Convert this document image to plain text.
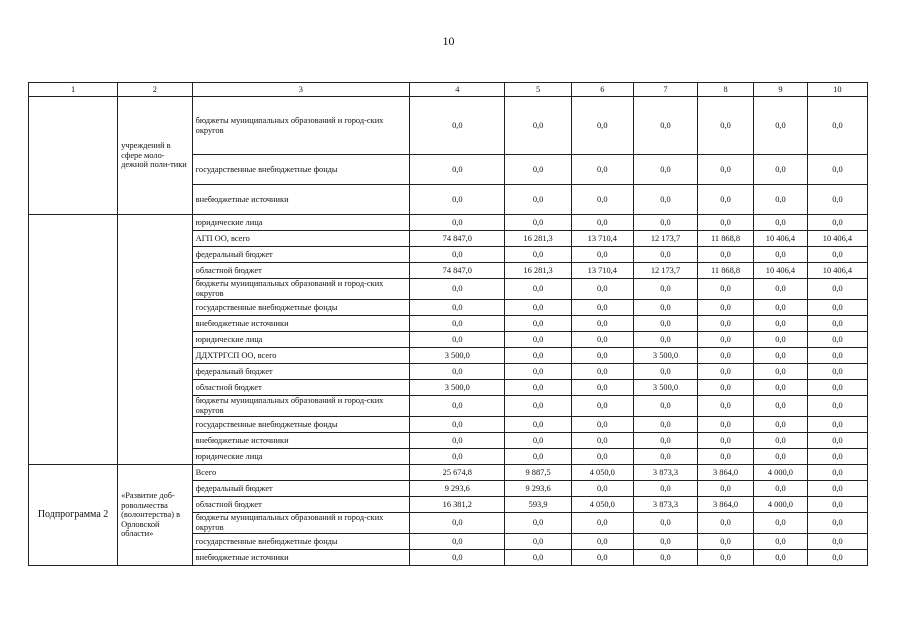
10
1	2	3	4	5	6	7	8	9	10
	учреждений в сфере моло-дежной поли-тики	бюджеты муниципальных образований и город-ских округов	0,0	0,0	0,0	0,0	0,0	0,0	0,0
		государственные внебюджетные фонды	0,0	0,0	0,0	0,0	0,0	0,0	0,0
		внебюджетные источники	0,0	0,0	0,0	0,0	0,0	0,0	0,0
		юридические лица	0,0	0,0	0,0	0,0	0,0	0,0	0,0
		АГП ОО, всего	74 847,0	16 281,3	13 710,4	12 173,7	11 868,8	10 406,4	10 406,4
		федеральный бюджет	0,0	0,0	0,0	0,0	0,0	0,0	0,0
		областной бюджет	74 847,0	16 281,3	13 710,4	12 173,7	11 868,8	10 406,4	10 406,4
		бюджеты муниципальных образований и город-ских округов	0,0	0,0	0,0	0,0	0,0	0,0	0,0
		государственные внебюджетные фонды	0,0	0,0	0,0	0,0	0,0	0,0	0,0
		внебюджетные источники	0,0	0,0	0,0	0,0	0,0	0,0	0,0
		юридические лица	0,0	0,0	0,0	0,0	0,0	0,0	0,0
		ДДХТРГСП ОО, всего	3 500,0	0,0	0,0	3 500,0	0,0	0,0	0,0
		федеральный бюджет	0,0	0,0	0,0	0,0	0,0	0,0	0,0
		областной бюджет	3 500,0	0,0	0,0	3 500,0	0,0	0,0	0,0
		бюджеты муниципальных образований и город-ских округов	0,0	0,0	0,0	0,0	0,0	0,0	0,0
		государственные внебюджетные фонды	0,0	0,0	0,0	0,0	0,0	0,0	0,0
		внебюджетные источники	0,0	0,0	0,0	0,0	0,0	0,0	0,0
		юридические лица	0,0	0,0	0,0	0,0	0,0	0,0	0,0
Подпрограмма 2	«Развитие доб-ровольчества (волонтерства) в Орловской области»	Всего	25 674,8	9 887,5	4 050,0	3 873,3	3 864,0	4 000,0	0,0
		федеральный бюджет	9 293,6	9 293,6	0,0	0,0	0,0	0,0	0,0
		областной бюджет	16 381,2	593,9	4 050,0	3 873,3	3 864,0	4 000,0	0,0
		бюджеты муниципальных образований и город-ских округов	0,0	0,0	0,0	0,0	0,0	0,0	0,0
		государственные внебюджетные фонды	0,0	0,0	0,0	0,0	0,0	0,0	0,0
		внебюджетные источники	0,0	0,0	0,0	0,0	0,0	0,0	0,0
